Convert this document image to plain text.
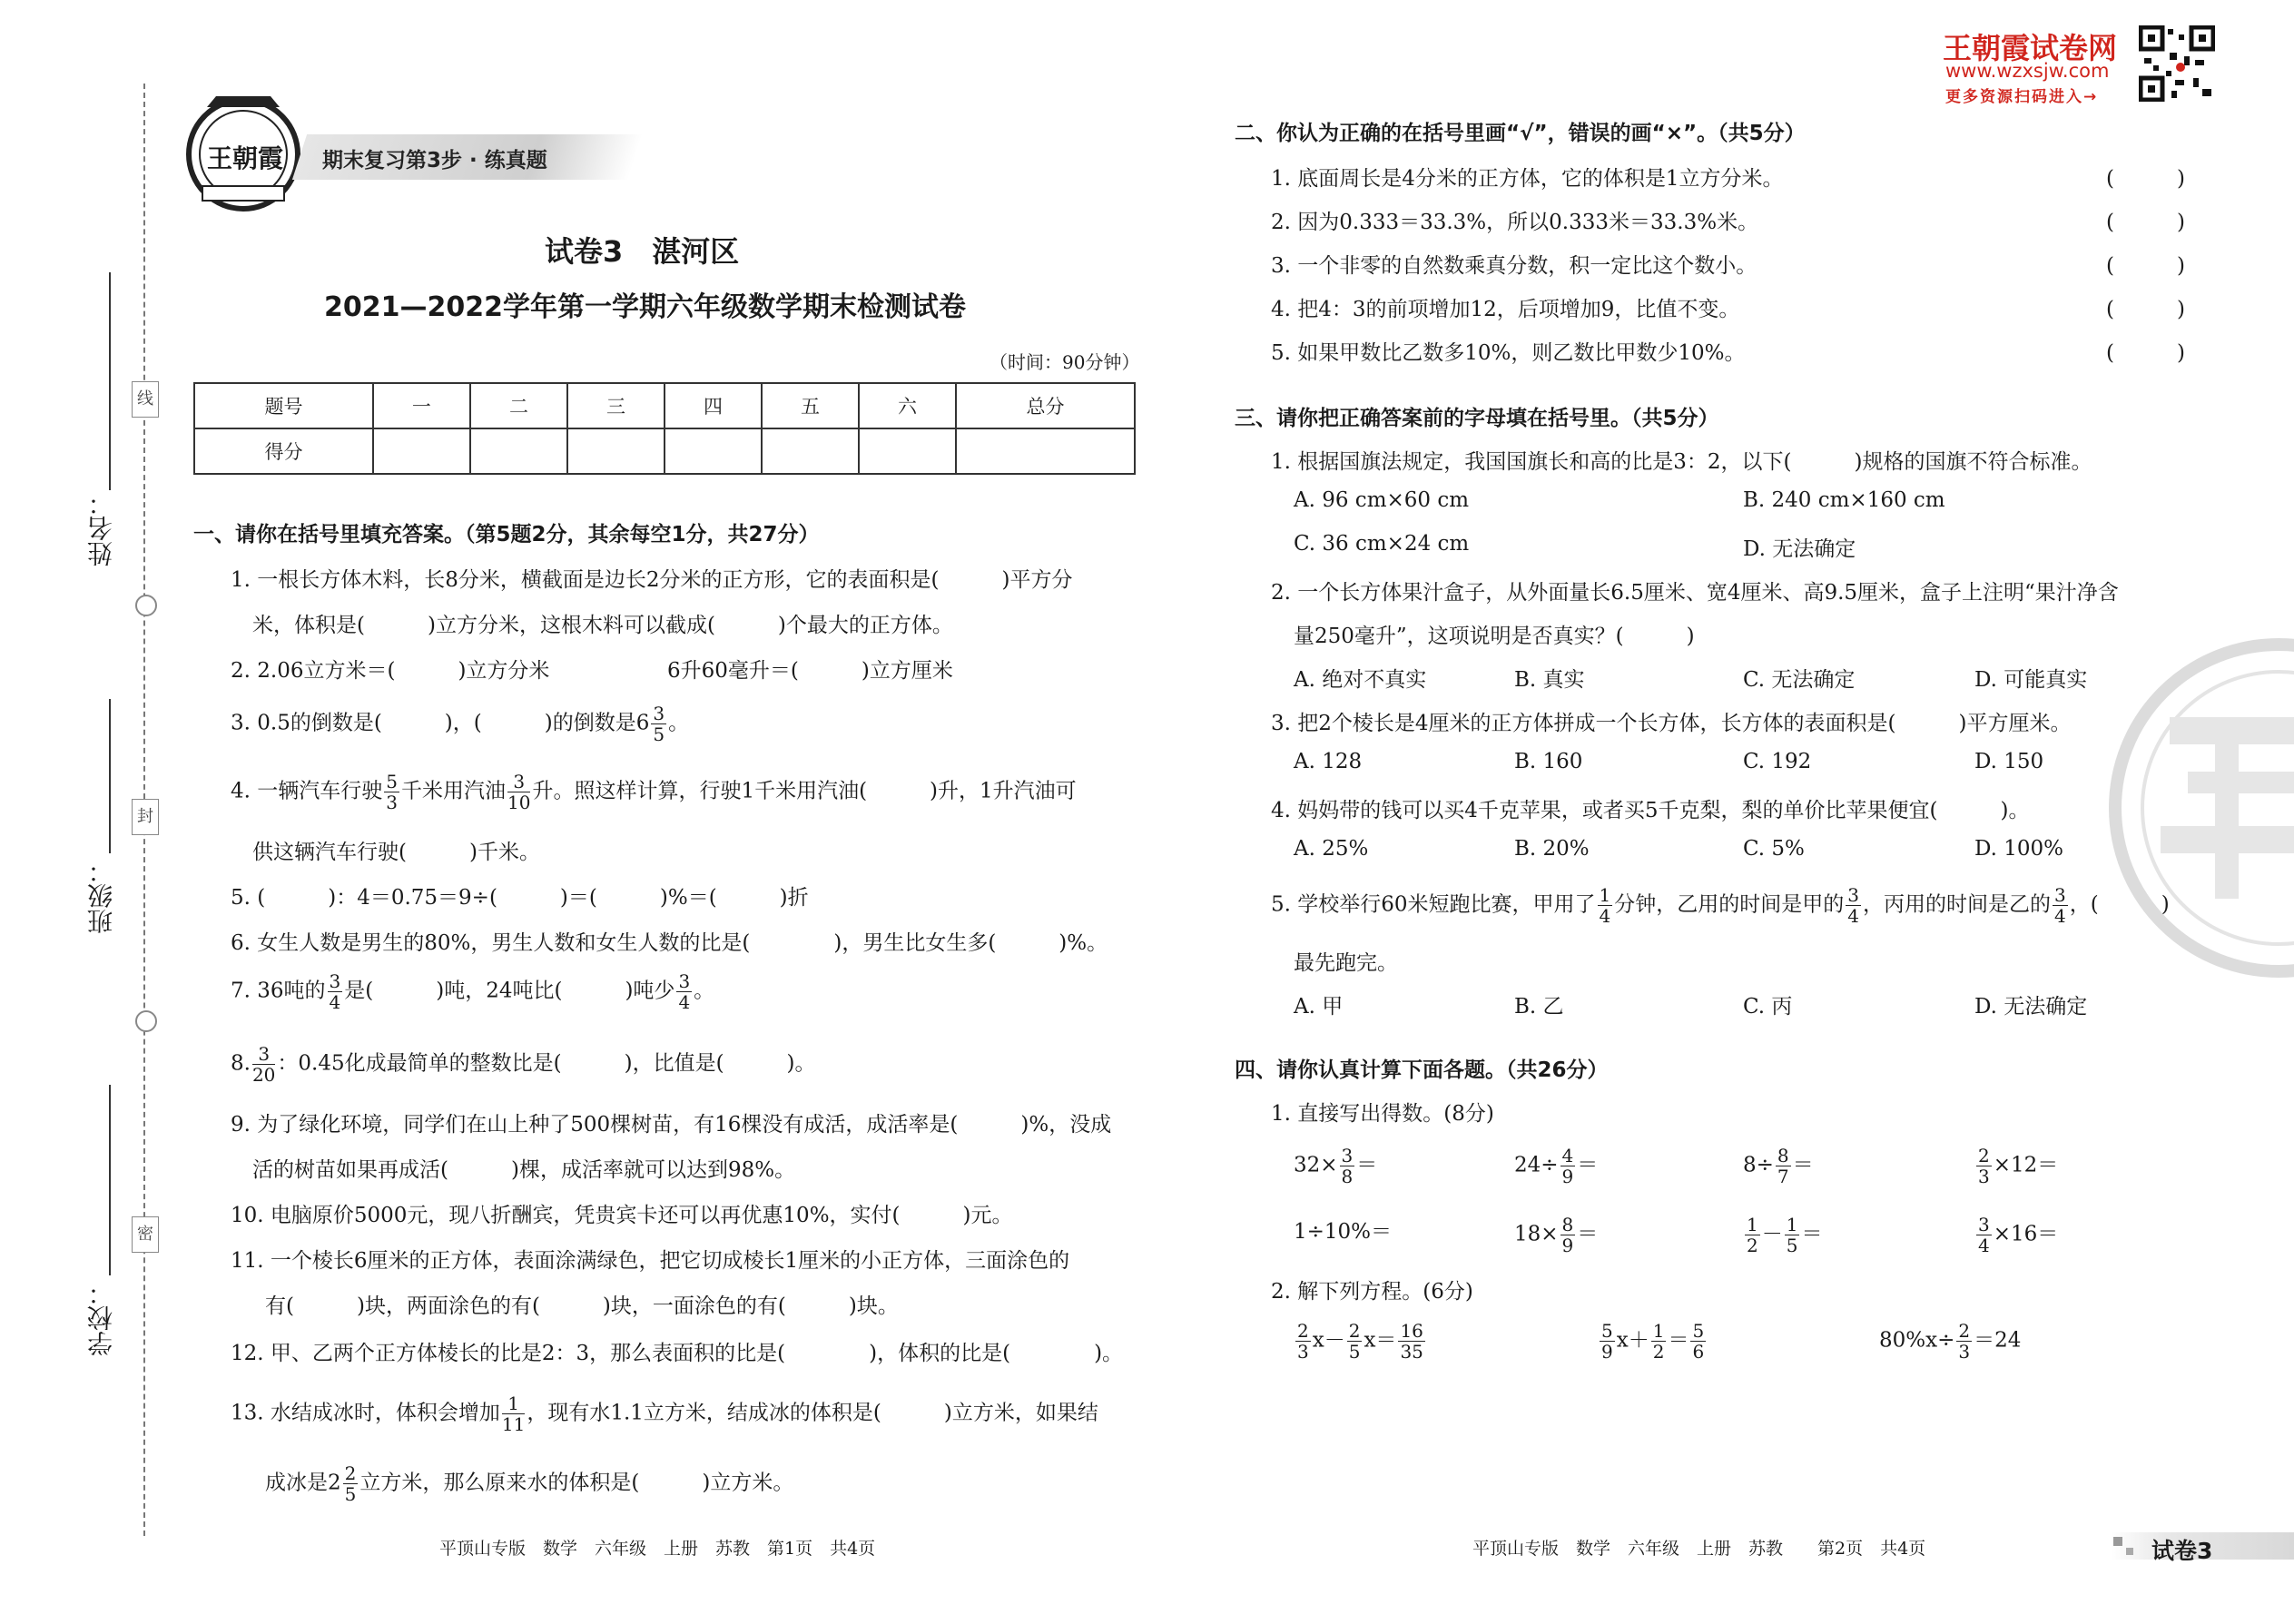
线
封
密
姓名：
班级：
学校：
王朝霞 期末复习第3步 · 练真题
王朝霞试卷网
www.wzxsjw.com
更多资源扫码进入→
试卷3　湛河区
2021—2022学年第一学期六年级数学期末检测试卷
（时间：90分钟）
题号	一	二	三	四	五	六	总分
得分							
一、请你在括号里填充答案。（第5题2分，其余每空1分，共27分）
1. 一根长方体木料，长8分米，横截面是边长2分米的正方形，它的表面积是(　　　)平方分
米，体积是(　　　)立方分米，这根木料可以截成(　　　)个最大的正方体。
2. 2.06立方米＝(　　　)立方分米	6升60毫升＝(　　　)立方厘米
3. 0.5的倒数是(　　　)，(　　　)的倒数是$6 \frac{3}{5}$ 。
4. 一辆汽车行驶 $\frac{5}{3}$ 千米用汽油 $\frac{3}{10}$ 升。照这样计算，行驶1千米用汽油(　　　)升，1升汽油可
供这辆汽车行驶(　　　)千米。
5. (　　　)：4＝0.75＝9÷(　　　)＝(　　　)%＝(　　　)折
6. 女生人数是男生的80%，男生人数和女生人数的比是(　　　　)，男生比女生多(　　　)%。
7. 36吨的 $\frac{3}{4}$ 是(　　　)吨，24吨比(　　　)吨少 $\frac{3}{4}$ 。
8. $\frac{3}{20}$ ：0.45化成最简单的整数比是(　　　)，比值是(　　　)。
9. 为了绿化环境，同学们在山上种了500棵树苗，有16棵没有成活，成活率是(　　　)%，没成
活的树苗如果再成活(　　　)棵，成活率就可以达到98%。
10. 电脑原价5000元，现八折酬宾，凭贵宾卡还可以再优惠10%，实付(　　　)元。
11. 一个棱长6厘米的正方体，表面涂满绿色，把它切成棱长1厘米的小正方体，三面涂色的
有(　　　)块，两面涂色的有(　　　)块，一面涂色的有(　　　)块。
12. 甲、乙两个正方体棱长的比是2：3，那么表面积的比是(　　　　)，体积的比是(　　　　)。
13. 水结成冰时，体积会增加 $\frac{1}{11}$ ，现有水1.1立方米，结成冰的体积是(　　　)立方米，如果结
成冰是$2 \frac{2}{5}$ 立方米，那么原来水的体积是(　　　)立方米。
平顶山专版　数学　六年级　上册　苏教　第1页　共4页
二、你认为正确的在括号里画“√”，错误的画“×”。（共5分）
1. 底面周长是4分米的正方体，它的体积是1立方分米。	(　　　)
2. 因为0.333＝33.3%，所以0.333米＝33.3%米。	(　　　)
3. 一个非零的自然数乘真分数，积一定比这个数小。	(　　　)
4. 把4：3的前项增加12，后项增加9，比值不变。	(　　　)
5. 如果甲数比乙数多10%，则乙数比甲数少10%。	(　　　)
三、请你把正确答案前的字母填在括号里。（共5分）
1. 根据国旗法规定，我国国旗长和高的比是3：2，以下(　　　)规格的国旗不符合标准。
A. 96 cm×60 cm	B. 240 cm×160 cm
C. 36 cm×24 cm	D. 无法确定
2. 一个长方体果汁盒子，从外面量长6.5厘米、宽4厘米、高9.5厘米，盒子上注明“果汁净含
量250毫升”，这项说明是否真实？(　　　)
A. 绝对不真实	B. 真实	C. 无法确定	D. 可能真实
3. 把2个棱长是4厘米的正方体拼成一个长方体，长方体的表面积是(　　　)平方厘米。
A. 128	B. 160	C. 192	D. 150
4. 妈妈带的钱可以买4千克苹果，或者买5千克梨，梨的单价比苹果便宜(　　　)。
A. 25%	B. 20%	C. 5%	D. 100%
5. 学校举行60米短跑比赛，甲用了 $\frac{1}{4}$ 分钟，乙用的时间是甲的 $\frac{3}{4}$ ，丙用的时间是乙的 $\frac{3}{4}$ ，(　　　)
最先跑完。
A. 甲	B. 乙	C. 丙	D. 无法确定
四、请你认真计算下面各题。（共26分）
1. 直接写出得数。(8分)
$32\times \frac{3}{8}$ ＝	$24\div \frac{4}{9}$ ＝	$8\div \frac{8}{7}$ ＝	$\frac{2}{3} \times 12=$
1÷10%＝	$18\times \frac{8}{9}$ ＝	$\frac{1}{2} - \frac{1}{5}$ ＝	$\frac{3}{4} \times 16=$
2. 解下列方程。(6分)
$\frac{2}{3} x- \frac{2}{5} x= \frac{16}{35}$	$\frac{5}{9} x+ \frac{1}{2} = \frac{5}{6}$	$80\%x\div \frac{2}{3} =24$
平顶山专版　数学　六年级　上册　苏教　　第2页　共4页	试卷3
